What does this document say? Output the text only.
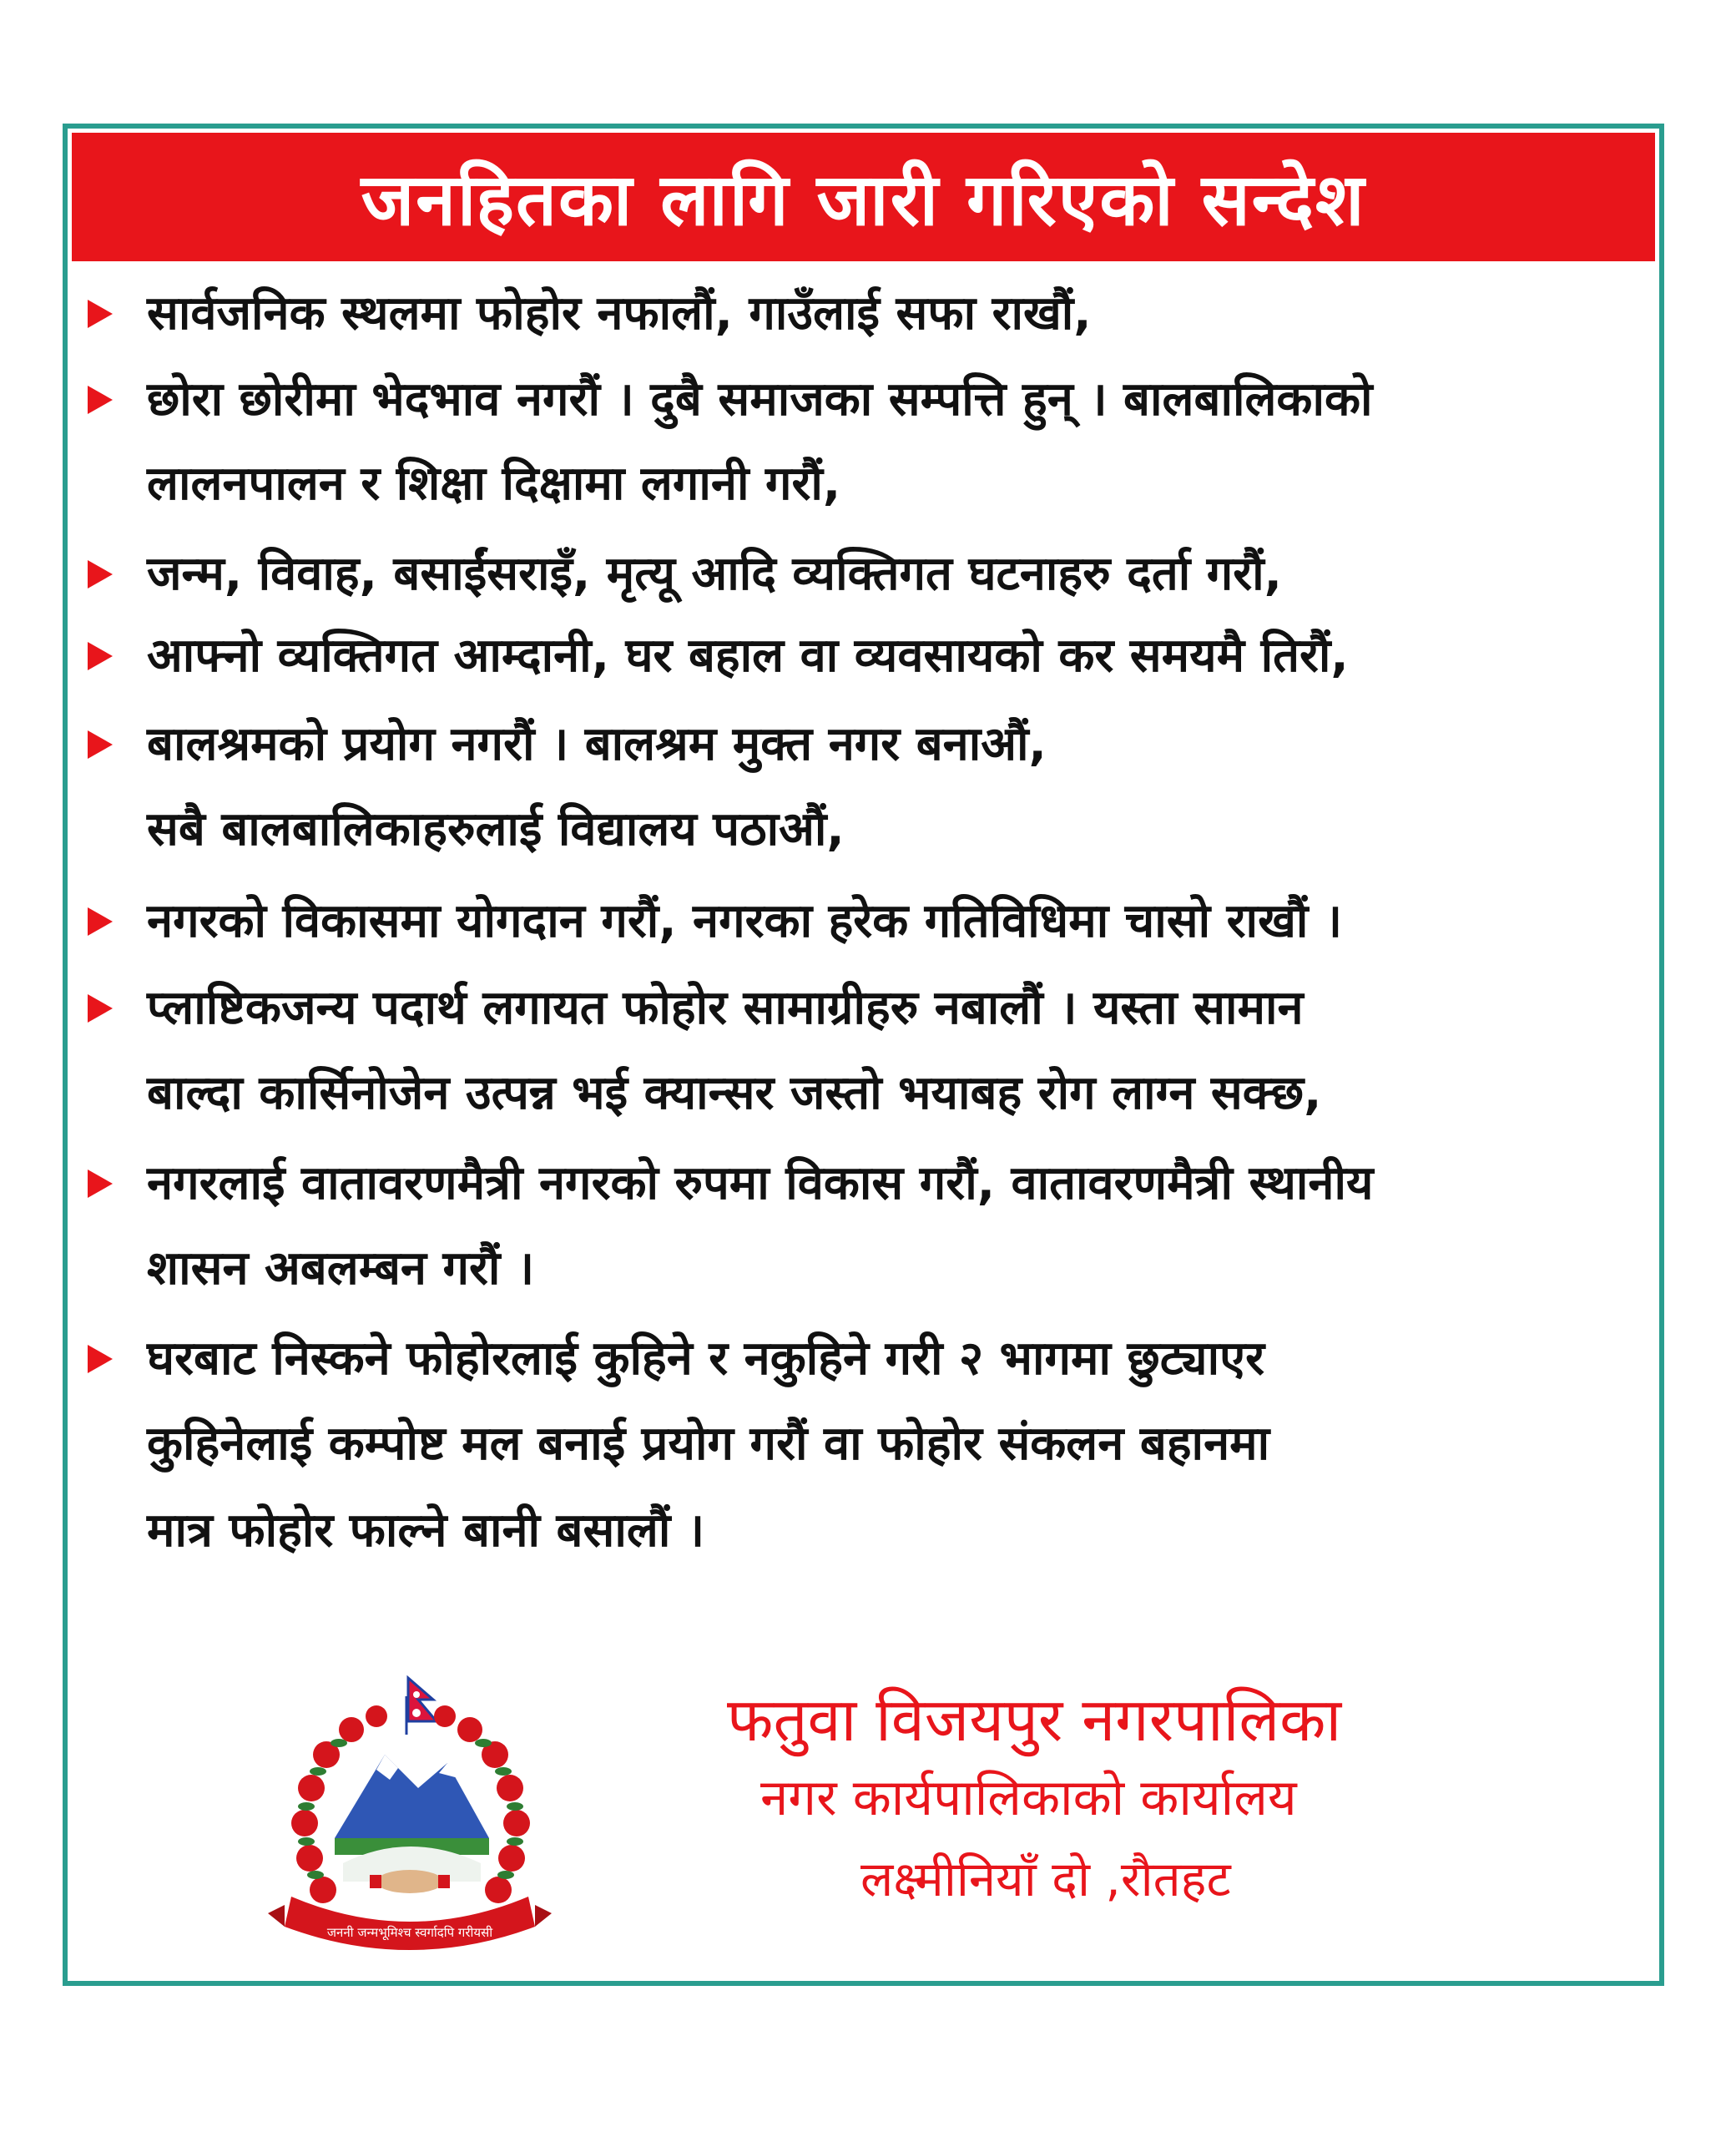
जनहितका लागि जारी गरिएको सन्देश
सार्वजनिक स्थलमा फोहोर नफालौं, गाउँलाई सफा राखौं,
छोरा छोरीमा भेदभाव नगरौं । दुबै समाजका सम्पत्ति हुन् । बालबालिकाको
लालनपालन र शिक्षा दिक्षामा लगानी गरौं,
जन्म, विवाह, बसाईंसराइँ, मृत्यू आदि व्यक्तिगत घटनाहरु दर्ता गरौं,
आफ्नो व्यक्तिगत आम्दानी, घर बहाल वा व्यवसायको कर समयमै तिरौं,
बालश्रमको प्रयोग नगरौं । बालश्रम मुक्त नगर बनाऔं,
सबै बालबालिकाहरुलाई विद्यालय पठाऔं,
नगरको विकासमा योगदान गरौं, नगरका हरेक गतिविधिमा चासो राखौं ।
प्लाष्टिकजन्य पदार्थ लगायत फोहोर सामाग्रीहरु नबालौं । यस्ता सामान
बाल्दा कार्सिनोजेन उत्पन्न भई क्यान्सर जस्तो भयाबह रोग लाग्न सक्छ,
नगरलाई वातावरणमैत्री नगरको रुपमा विकास गरौं, वातावरणमैत्री स्थानीय
शासन अबलम्बन गरौं ।
घरबाट निस्कने फोहोरलाई कुहिने र नकुहिने गरी २ भागमा छुट्याएर
कुहिनेलाई कम्पोष्ट मल बनाई प्रयोग गरौं वा फोहोर संकलन बहानमा
मात्र फोहोर फाल्ने बानी बसालौं ।
जननी जन्मभूमिश्च स्वर्गादपि गरीयसी
फतुवा विजयपुर नगरपालिका
नगर कार्यपालिकाको कार्यालय
लक्ष्मीनियाँ दो ,रौतहट
